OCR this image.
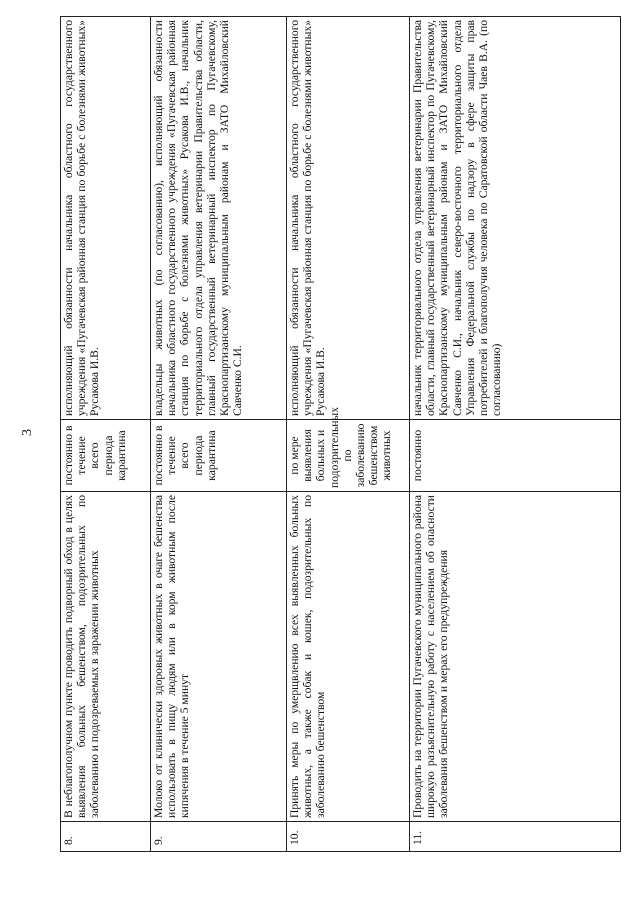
3
8.	В неблагополучном пункте проводить подворный обход в целях выявления больных бешенством, подозрительных по заболеванию и подозреваемых в заражении животных	постоянно в течение всего периода карантина	исполняющий обязанности начальника областного государственного учреждения «Пугачевская районная станция по борьбе с болезнями животных» Русакова И.В.
9.	Молоко от клинически здоровых животных в очаге бешенства использовать в пищу людям или в корм животным после кипячения в течение 5 минут	постоянно в течение всего периода карантина	владельцы животных (по согласованию), исполняющий обязанности начальника областного государственного учреждения «Пугачевская районная станция по борьбе с болезнями животных» Русакова И.В., начальник территориального отдела управления ветеринарии Правительства области, главный государственный ветеринарный инспектор по Пугачевскому, Краснопартизанскому муниципальным районам и ЗАТО Михайловский Савченко С.И.
10.	Принять меры по умерщвлению всех выявленных больных животных, а также собак и кошек, подозрительных по заболеванию бешенством	по мере выявления больных и подозрительных по заболеванию бешенством животных	исполняющий обязанности начальника областного государственного учреждения «Пугачевская районная станция по борьбе с болезнями животных» Русакова И.В.
11.	Проводить на территории Пугачевского муниципального района широкую разъяснительную работу с населением об опасности заболевания бешенством и мерах его предупреждения	постоянно	начальник территориального отдела управления ветеринарии Правительства области, главный государственный ветеринарный инспектор по Пугачевскому, Краснопартизанскому муниципальным районам и ЗАТО Михайловский Савченко С.И., начальник северо-восточного территориального отдела Управления Федеральной службы по надзору в сфере защиты прав потребителей и благополучия человека по Саратовской области Чаев В.А. (по согласованию)
